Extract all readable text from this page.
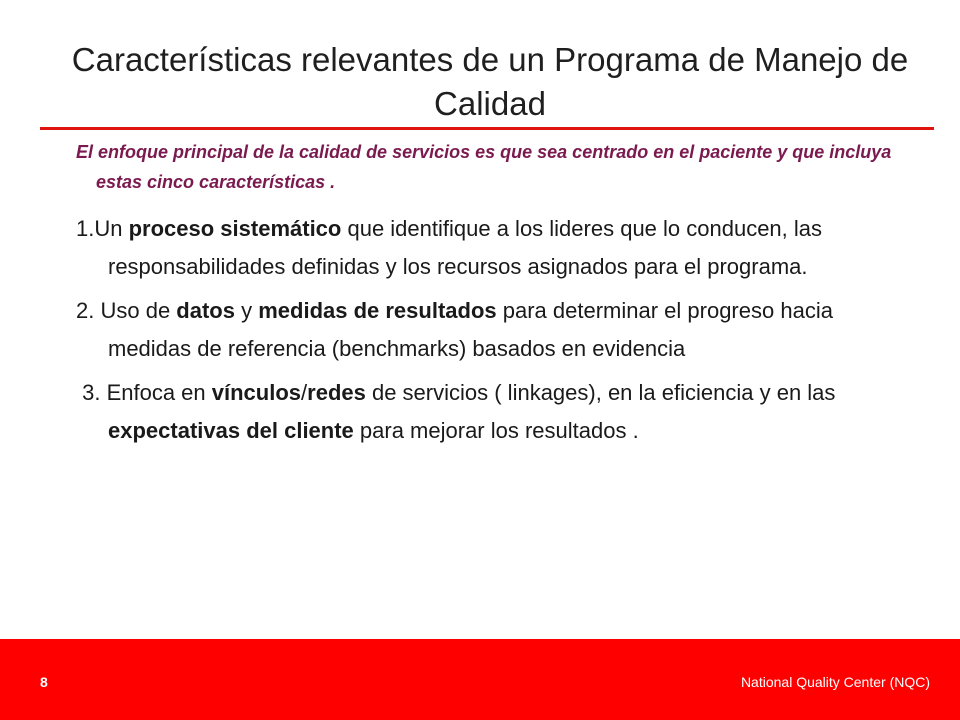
Características relevantes de un Programa de Manejo de Calidad
El enfoque principal de la calidad de servicios es que sea centrado en el paciente y que incluya estas cinco características .
1.Un proceso sistemático que identifique a los lideres que lo conducen, las responsabilidades definidas y los recursos asignados para el programa.
2. Uso de datos y medidas de resultados para determinar el progreso hacia medidas de referencia (benchmarks) basados en evidencia
3. Enfoca en vínculos/redes de servicios ( linkages), en la eficiencia y en las expectativas del cliente para mejorar los resultados .
8	National Quality Center (NQC)
